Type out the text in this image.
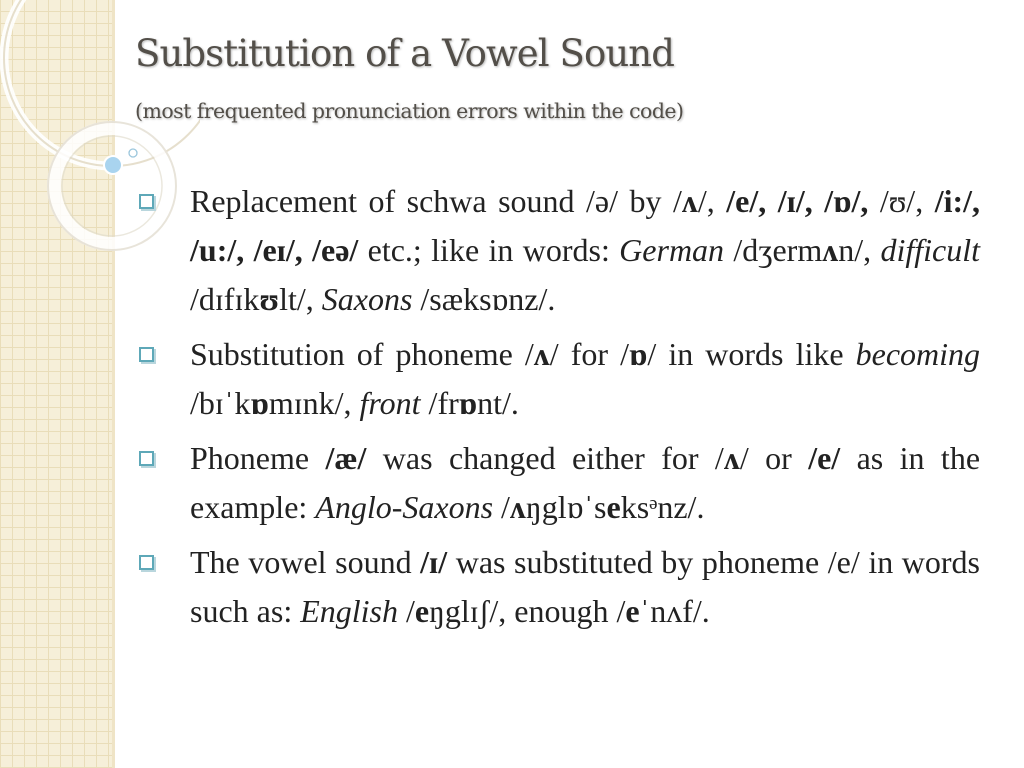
Substitution of a Vowel Sound

(most frequented pronunciation errors within the code)

Replacement of schwa sound /ə/ by /ʌ/, /e/, /ɪ/, /ɒ/, /ʊ/, /i:/, /u:/, /eɪ/, /eə/ etc.; like in words: German /dʒermʌn/, difficult /dɪfɪkʊlt/, Saxons /sæksɒnz/.
Substitution of phoneme /ʌ/ for /ɒ/ in words like becoming /bɪˈkɒmɪnk/, front /frɒnt/.
Phoneme /æ/ was changed either for /ʌ/ or /e/ as in the example: Anglo-Saxons /ʌŋglɒˈseksᵊnz/.
The vowel sound /ɪ/ was substituted by phoneme /e/ in words such as: English /eŋglɪʃ/, enough /eˈnʌf/.
